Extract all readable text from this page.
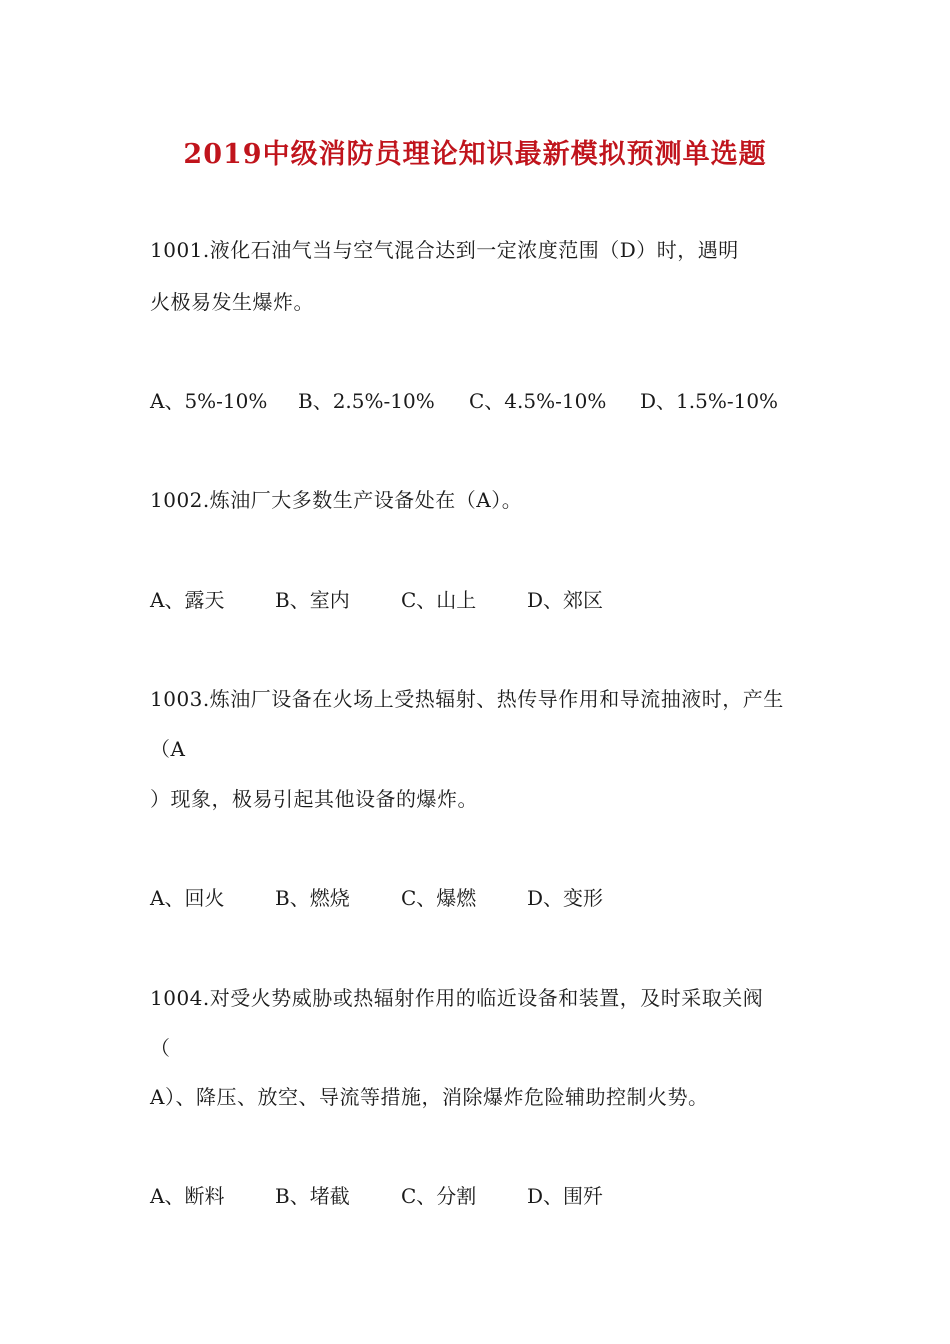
2019中级消防员理论知识最新模拟预测单选题
1001.液化石油气当与空气混合达到一定浓度范围（D）时，遇明
火极易发生爆炸。
A、5%-10%	B、2.5%-10%	C、4.5%-10%	D、1.5%-10%
1002.炼油厂大多数生产设备处在（A）。
A、露天	B、室内	C、山上	D、郊区
1003.炼油厂设备在火场上受热辐射、热传导作用和导流抽液时，产生
（A
）现象，极易引起其他设备的爆炸。
A、回火	B、燃烧	C、爆燃	D、变形
1004.对受火势威胁或热辐射作用的临近设备和装置，及时采取关阀
（
A）、降压、放空、导流等措施，消除爆炸危险辅助控制火势。
A、断料	B、堵截	C、分割	D、围歼
